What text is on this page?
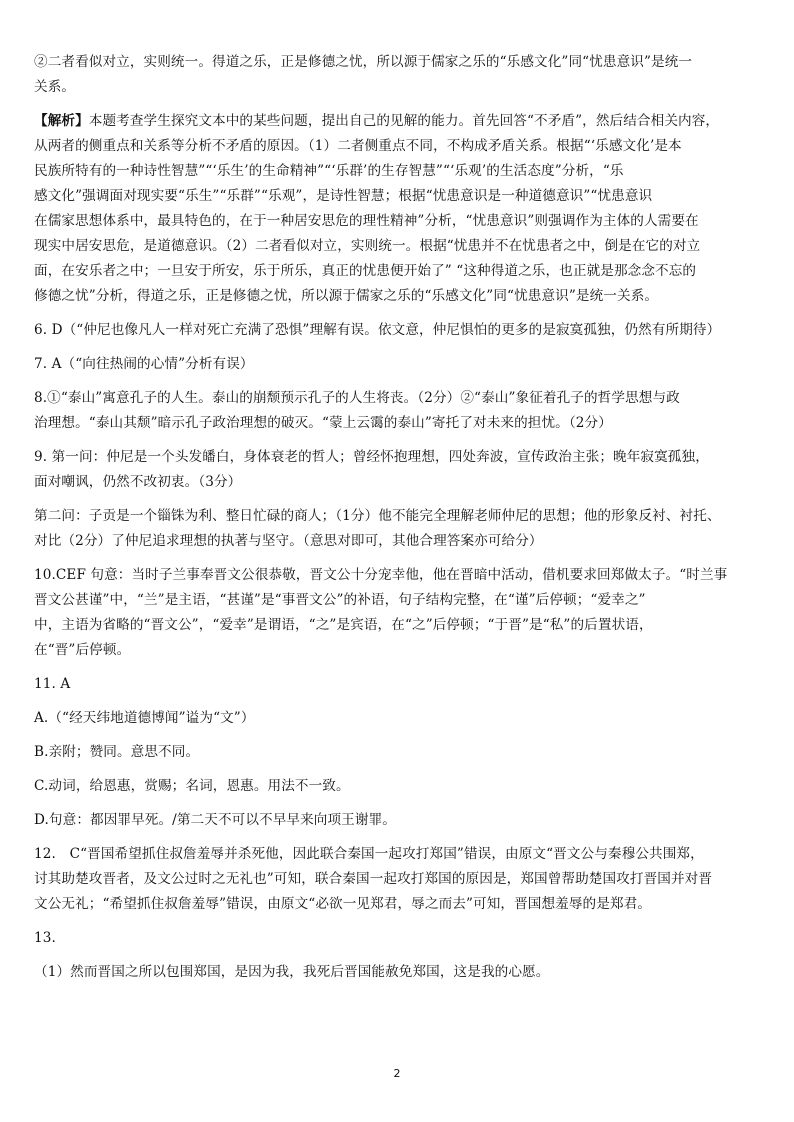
②二者看似对立，实则统一。得道之乐，正是修德之忧，所以源于儒家之乐的“乐感文化”同“忧患意识”是统一
关系。

【解析】本题考查学生探究文本中的某些问题，提出自己的见解的能力。首先回答“不矛盾”，然后结合相关内容，
从两者的侧重点和关系等分析不矛盾的原因。（1）二者侧重点不同，不构成矛盾关系。根据“‘乐感文化’是本
民族所特有的一种诗性智慧”“‘乐生’的生命精神”“‘乐群’的生存智慧”“‘乐观’的生活态度”分析，“乐
感文化”强调面对现实要“乐生”“乐群”“乐观”，是诗性智慧；根据“忧患意识是一种道德意识”“忧患意识
在儒家思想体系中，最具特色的，在于一种居安思危的理性精神”分析，“忧患意识”则强调作为主体的人需要在
现实中居安思危，是道德意识。（2）二者看似对立，实则统一。根据“忧患并不在忧患者之中，倒是在它的对立
面，在安乐者之中；一旦安于所安，乐于所乐，真正的忧患便开始了” “这种得道之乐，也正就是那念念不忘的
修德之忧”分析，得道之乐，正是修德之忧，所以源于儒家之乐的“乐感文化”同“忧患意识”是统一关系。

6. D（“仲尼也像凡人一样对死亡充满了恐惧”理解有误。依文意，仲尼惧怕的更多的是寂寞孤独，仍然有所期待）

7. A（“向往热闹的心情”分析有误）

8.①“泰山”寓意孔子的人生。泰山的崩颓预示孔子的人生将丧。（2分）②“泰山”象征着孔子的哲学思想与政
治理想。“泰山其颓”暗示孔子政治理想的破灭。“蒙上云霭的泰山”寄托了对未来的担忧。（2分）

9. 第一问：仲尼是一个头发皤白，身体衰老的哲人；曾经怀抱理想，四处奔波，宣传政治主张；晚年寂寞孤独，
面对嘲讽，仍然不改初衷。（3分）

第二问：子贡是一个锱铢为利、整日忙碌的商人；（1分）他不能完全理解老师仲尼的思想；他的形象反衬、衬托、
对比（2分）了仲尼追求理想的执著与坚守。（意思对即可，其他合理答案亦可给分）

10.CEF 句意：当时子兰事奉晋文公很恭敬，晋文公十分宠幸他，他在晋暗中活动，借机要求回郑做太子。“时兰事
晋文公甚谨”中，“兰”是主语，“甚谨”是“事晋文公”的补语，句子结构完整，在“谨”后停顿；“爱幸之”
中，主语为省略的“晋文公”，“爱幸”是谓语，“之”是宾语，在“之”后停顿；“于晋”是“私”的后置状语，
在“晋”后停顿。

11. A

A.（“经天纬地道德博闻”谥为“文”）

B.亲附；赞同。意思不同。

C.动词，给恩惠，赏赐；名词，恩惠。用法不一致。

D.句意：都因罪早死。/第二天不可以不早早来向项王谢罪。

12.　C“晋国希望抓住叔詹羞辱并杀死他，因此联合秦国一起攻打郑国”错误，由原文“晋文公与秦穆公共围郑，
讨其助楚攻晋者，及文公过时之无礼也”可知，联合秦国一起攻打郑国的原因是，郑国曾帮助楚国攻打晋国并对晋
文公无礼；“希望抓住叔詹羞辱”错误，由原文“必欲一见郑君，辱之而去”可知，晋国想羞辱的是郑君。

13.

（1）然而晋国之所以包围郑国，是因为我，我死后晋国能赦免郑国，这是我的心愿。

2
